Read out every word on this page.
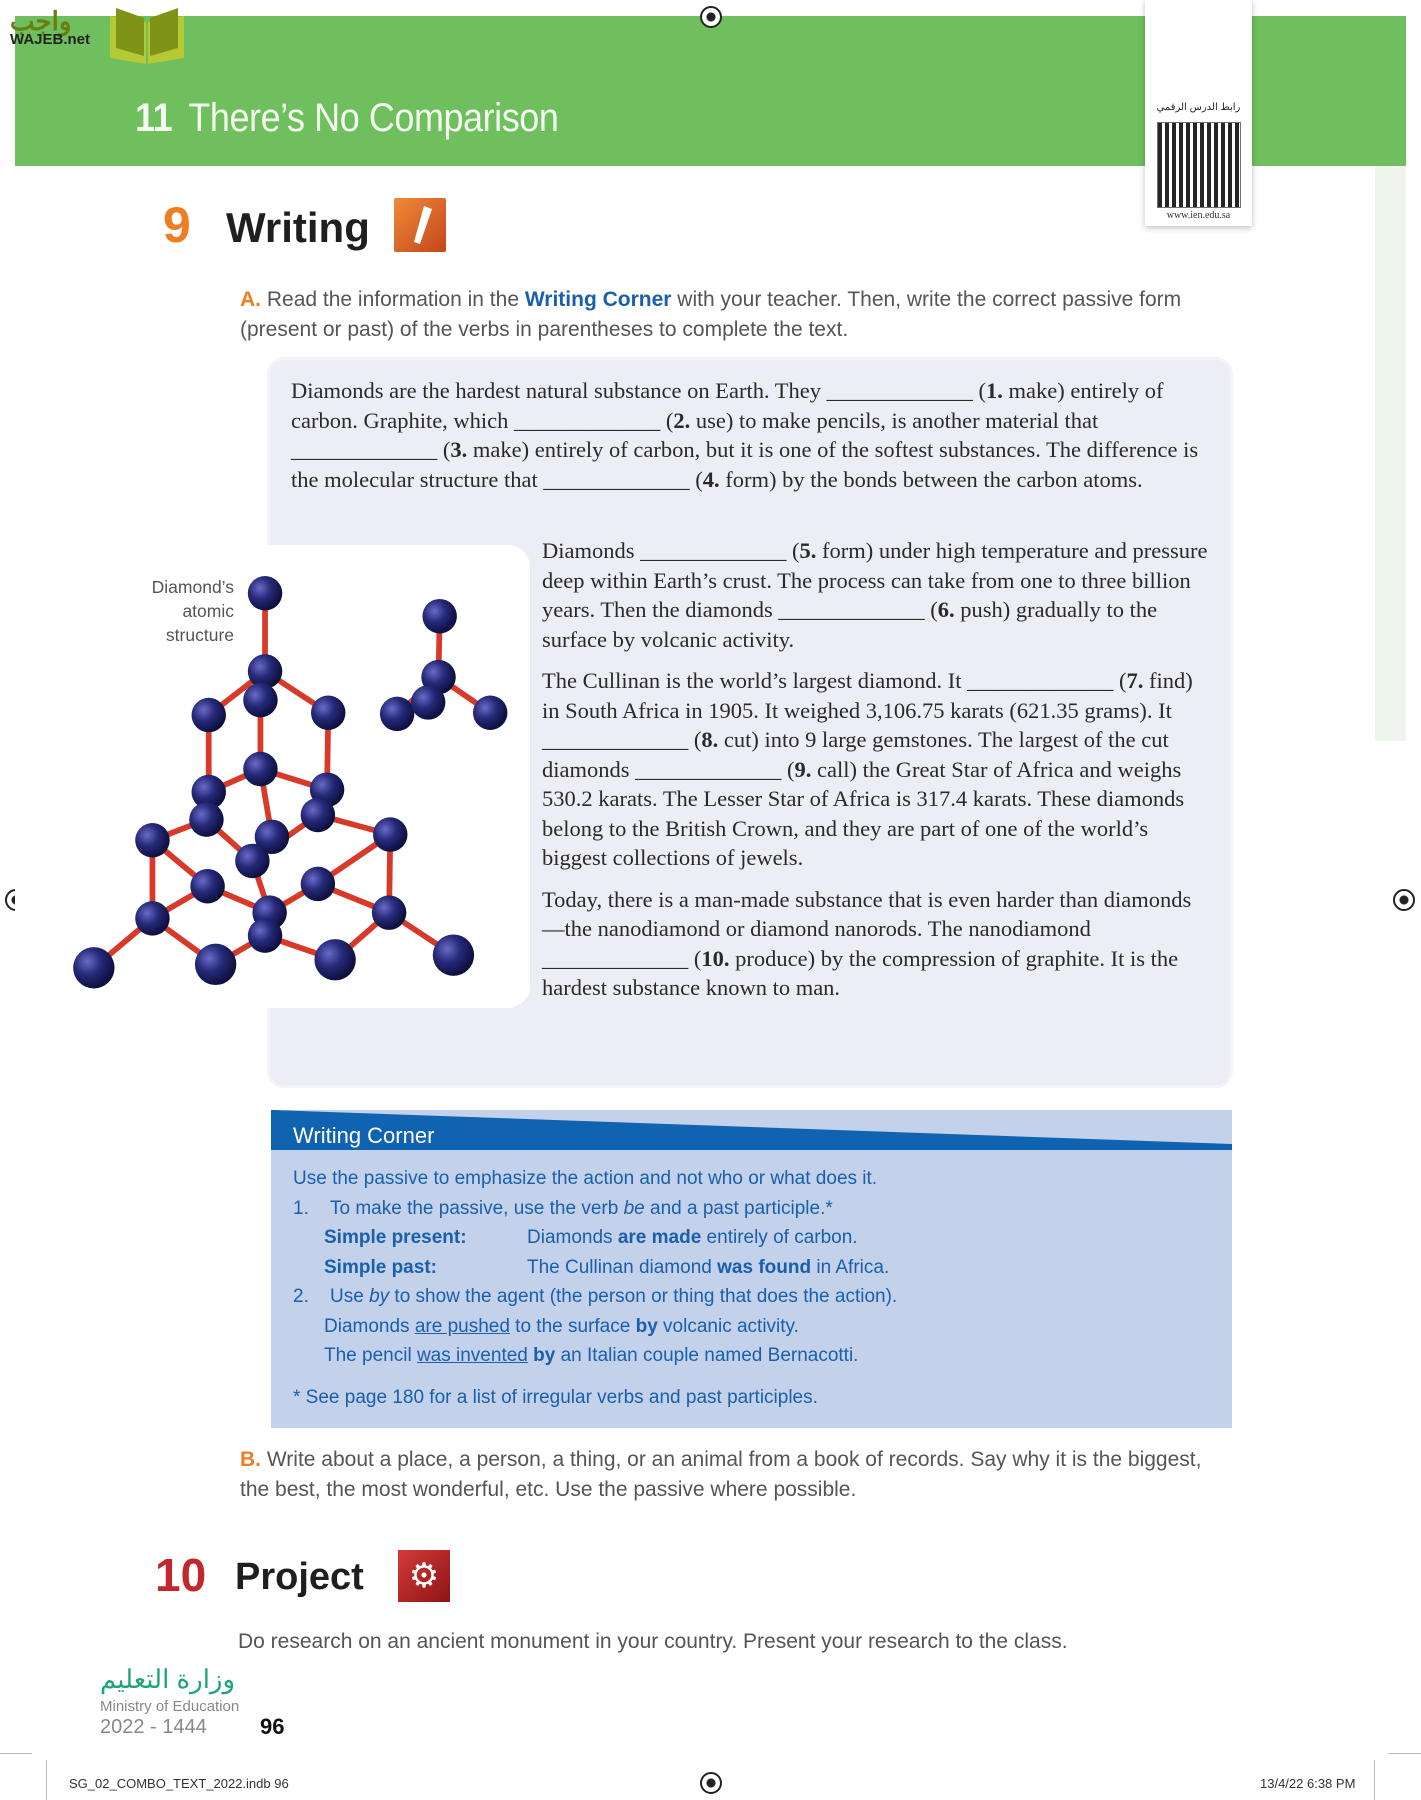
11 There’s No Comparison
واجب
WAJEB.net
رابط الدرس الرقمي
www.ien.edu.sa
9 Writing
A. Read the information in the Writing Corner with your teacher. Then, write the correct passive form (present or past) of the verbs in parentheses to complete the text.
Diamonds are the hardest natural substance on Earth. They _____________ (1. make) entirely of carbon. Graphite, which _____________ (2. use) to make pencils, is another material that _____________ (3. make) entirely of carbon, but it is one of the softest substances. The difference is the molecular structure that _____________ (4. form) by the bonds between the carbon atoms.
Diamond’s atomic structure
Diamonds _____________ (5. form) under high temperature and pressure deep within Earth’s crust. The process can take from one to three billion years. Then the diamonds _____________ (6. push) gradually to the surface by volcanic activity.
The Cullinan is the world’s largest diamond. It _____________ (7. find) in South Africa in 1905. It weighed 3,106.75 karats (621.35 grams). It _____________ (8. cut) into 9 large gemstones. The largest of the cut diamonds _____________ (9. call) the Great Star of Africa and weighs 530.2 karats. The Lesser Star of Africa is 317.4 karats. These diamonds belong to the British Crown, and they are part of one of the world’s biggest collections of jewels.
Today, there is a man-made substance that is even harder than diamonds—the nanodiamond or diamond nanorods. The nanodiamond _____________ (10. produce) by the compression of graphite. It is the hardest substance known to man.
Writing Corner
Use the passive to emphasize the action and not who or what does it.
1. To make the passive, use the verb be and a past participle.*
Simple present:	Diamonds are made entirely of carbon.
Simple past:	The Cullinan diamond was found in Africa.
2. Use by to show the agent (the person or thing that does the action).
Diamonds are pushed to the surface by volcanic activity.
The pencil was invented by an Italian couple named Bernacotti.
* See page 180 for a list of irregular verbs and past participles.
B. Write about a place, a person, a thing, or an animal from a book of records. Say why it is the biggest, the best, the most wonderful, etc. Use the passive where possible.
10 Project	⚙
Do research on an ancient monument in your country. Present your research to the class.
وزارة التعليم
Ministry of Education
2022 - 1444 96
SG_02_COMBO_TEXT_2022.indb 96	13/4/22 6:38 PM
